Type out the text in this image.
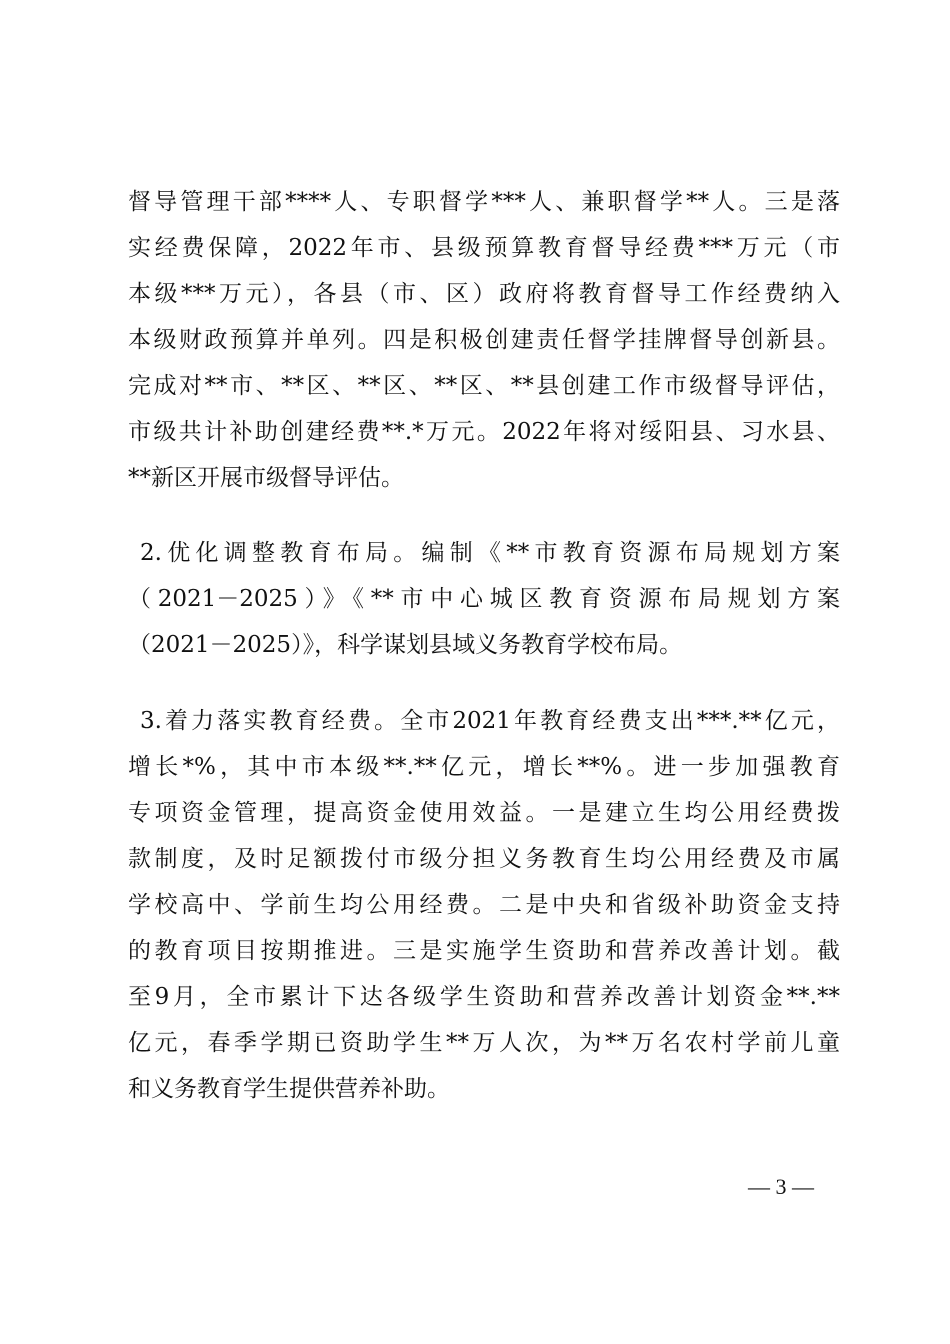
督导管理干部****人、专职督学***人、兼职督学**人。三是落
实经费保障，2022年市、县级预算教育督导经费***万元（市
本级***万元），各县（市、区）政府将教育督导工作经费纳入
本级财政预算并单列。四是积极创建责任督学挂牌督导创新县。
完成对**市、**区、**区、**区、**县创建工作市级督导评估，
市级共计补助创建经费**.*万元。2022年将对绥阳县、习水县、
**新区开展市级督导评估。
2.优化调整教育布局。编制《**市教育资源布局规划方案
（2021－2025）》《**市中心城区教育资源布局规划方案
（2021－2025）》，科学谋划县域义务教育学校布局。
3.着力落实教育经费。全市2021年教育经费支出***.**亿元，
增长*%，其中市本级**.**亿元，增长**%。进一步加强教育
专项资金管理，提高资金使用效益。一是建立生均公用经费拨
款制度，及时足额拨付市级分担义务教育生均公用经费及市属
学校高中、学前生均公用经费。二是中央和省级补助资金支持
的教育项目按期推进。三是实施学生资助和营养改善计划。截
至9月，全市累计下达各级学生资助和营养改善计划资金**.**
亿元，春季学期已资助学生**万人次，为**万名农村学前儿童
和义务教育学生提供营养补助。
— 3 —
